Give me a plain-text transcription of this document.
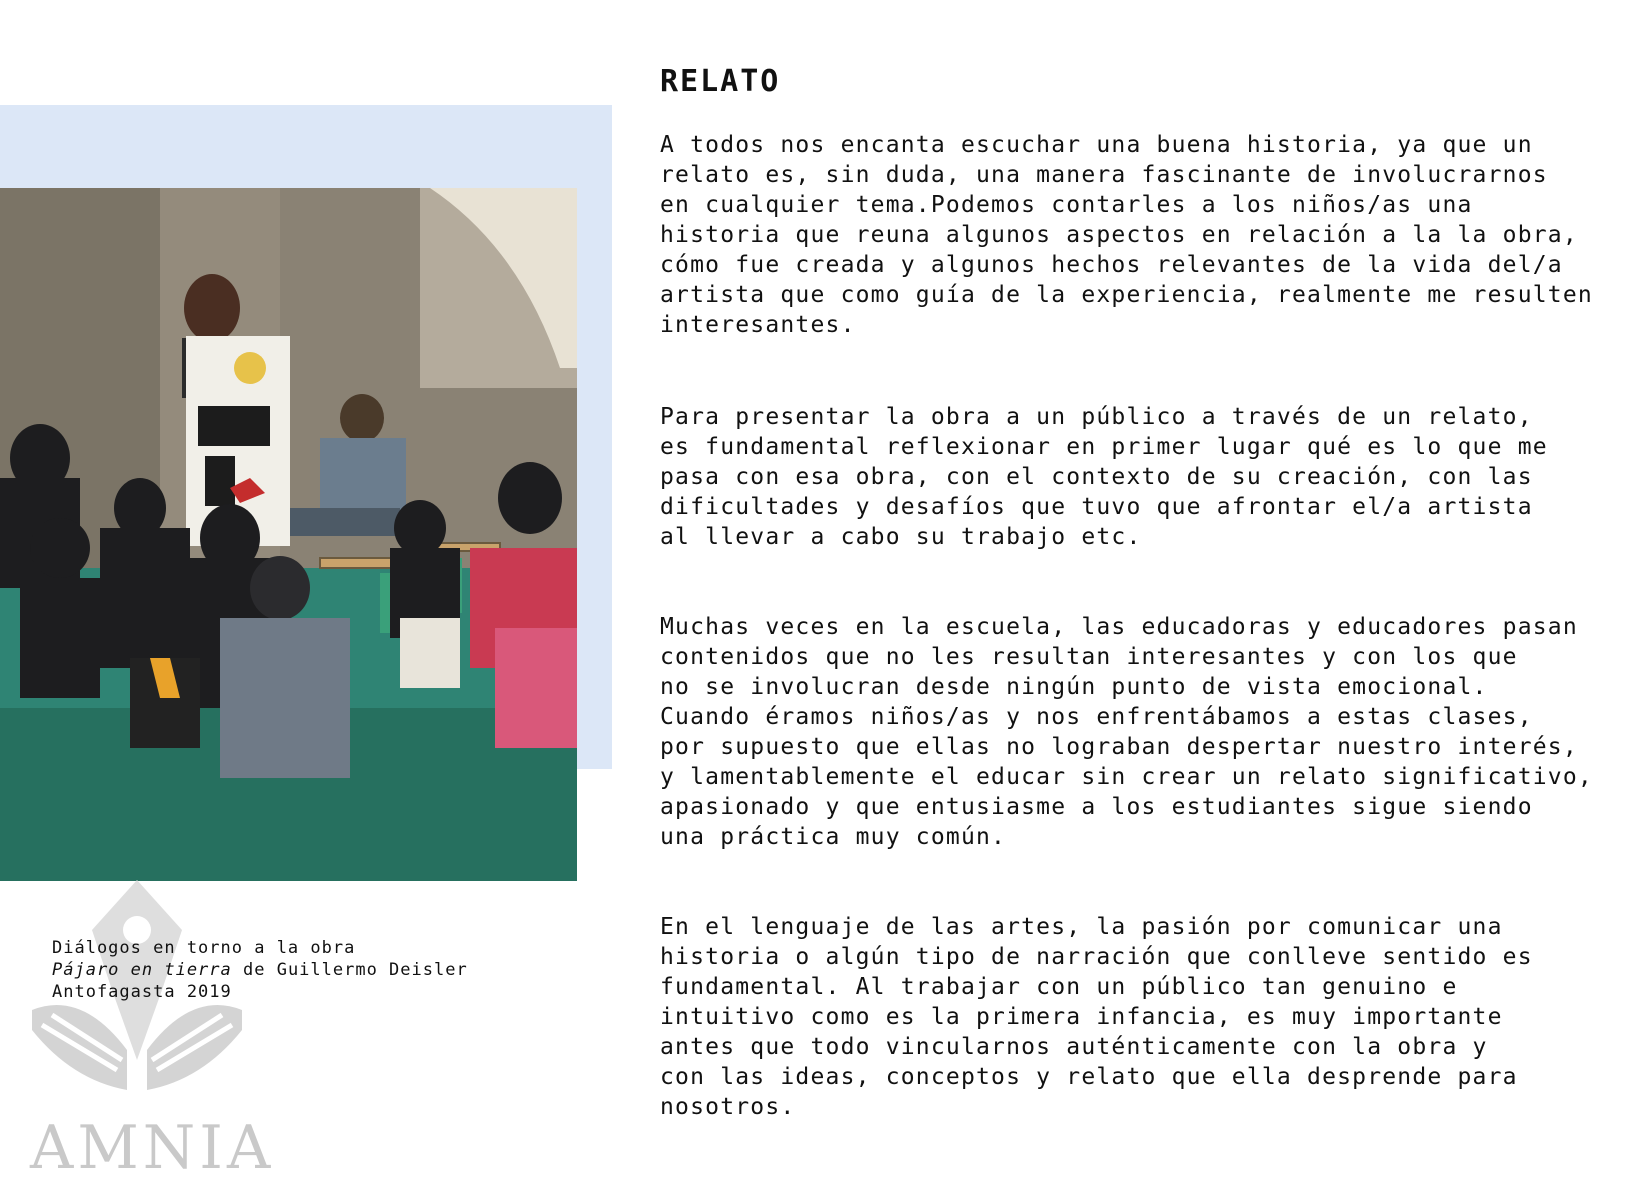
AMNIA
Diálogos en torno a la obra
Pájaro en tierra de Guillermo Deisler
Antofagasta 2019
RELATO

A todos nos encanta escuchar una buena historia, ya que un
relato es, sin duda, una manera fascinante de involucrarnos
en cualquier tema.Podemos contarles a los niños/as una
historia que reuna algunos aspectos en relación a la la obra,
cómo fue creada y algunos hechos relevantes de la vida del/a
artista que como guía de la experiencia, realmente me resulten
interesantes.

Para presentar la obra a un público a través de un relato,
es fundamental reflexionar en primer lugar qué es lo que me
pasa con esa obra, con el contexto de su creación, con las
dificultades y desafíos que tuvo que afrontar el/a artista
al llevar a cabo su trabajo etc.

Muchas veces en la escuela, las educadoras y educadores pasan
contenidos que no les resultan interesantes y con los que
no se involucran desde ningún punto de vista emocional.
Cuando éramos niños/as y nos enfrentábamos a estas clases,
por supuesto que ellas no lograban despertar nuestro interés,
y lamentablemente el educar sin crear un relato significativo,
apasionado y que entusiasme a los estudiantes sigue siendo
una práctica muy común.

En el lenguaje de las artes, la pasión por comunicar una
historia o algún tipo de narración que conlleve sentido es
fundamental. Al trabajar con un público tan genuino e
intuitivo como es la primera infancia, es muy importante
antes que todo vincularnos auténticamente con la obra y
con las ideas, conceptos y relato que ella desprende para
nosotros.
